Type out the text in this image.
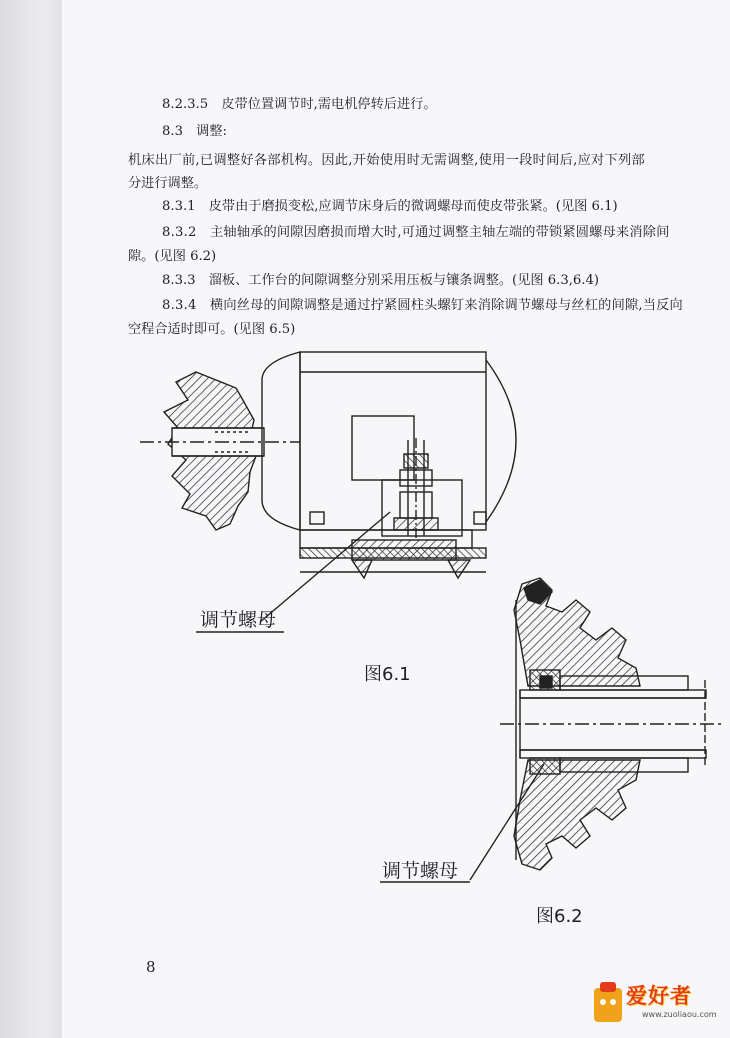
8.2.3.5　皮带位置调节时,需电机停转后进行。
8.3　调整:
机床出厂前,已调整好各部机构。因此,开始使用时无需调整,使用一段时间后,应对下列部
分进行调整。
8.3.1　皮带由于磨损变松,应调节床身后的微调螺母而使皮带张紧。(见图 6.1)
8.3.2　主轴轴承的间隙因磨损而增大时,可通过调整主轴左端的带锁紧圆螺母来消除间
隙。(见图 6.2)
8.3.3　溜板、工作台的间隙调整分别采用压板与镶条调整。(见图 6.3,6.4)
8.3.4　横向丝母的间隙调整是通过拧紧圆柱头螺钉来消除调节螺母与丝杠的间隙,当反向
空程合适时即可。(见图 6.5)
调节螺母
图6.1
调节螺母
图6.2
8
爱好者
www.zuoliaou.com
